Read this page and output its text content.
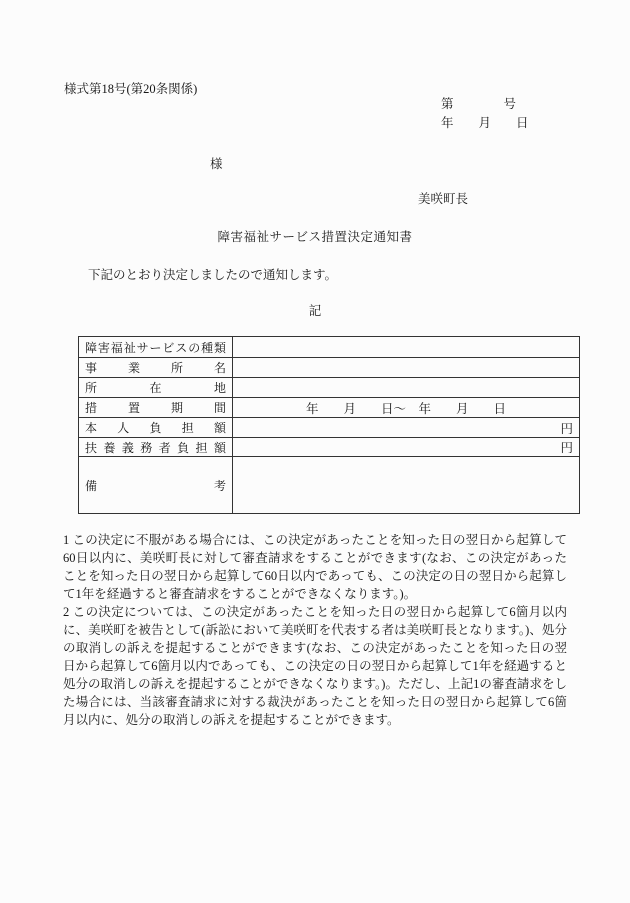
様式第18号(第20条関係)
第　　　　号
年　　月　　日
様
美咲町長
障害福祉サービス措置決定通知書
下記のとおり決定しましたので通知します。
記
障害福祉サービスの種類	
事業所名	
所在地	
措置期間	年　　月　　日～　年　　月　　日
本人負担額	円
扶養義務者負担額	円
備考	

1 この決定に不服がある場合には、この決定があったことを知った日の翌日から起算して60日以内に、美咲町長に対して審査請求をすることができます(なお、この決定があったことを知った日の翌日から起算して60日以内であっても、この決定の日の翌日から起算して1年を経過すると審査請求をすることができなくなります。)。

2 この決定については、この決定があったことを知った日の翌日から起算して6箇月以内に、美咲町を被告として(訴訟において美咲町を代表する者は美咲町長となります。)、処分の取消しの訴えを提起することができます(なお、この決定があったことを知った日の翌日から起算して6箇月以内であっても、この決定の日の翌日から起算して1年を経過すると処分の取消しの訴えを提起することができなくなります。)。ただし、上記1の審査請求をした場合には、当該審査請求に対する裁決があったことを知った日の翌日から起算して6箇月以内に、処分の取消しの訴えを提起することができます。
